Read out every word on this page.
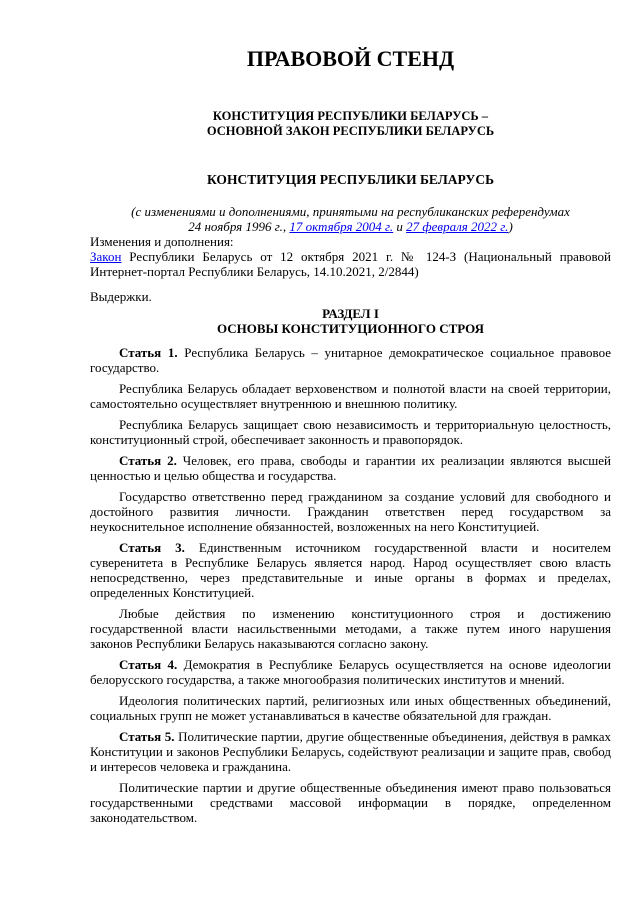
ПРАВОВОЙ СТЕНД
КОНСТИТУЦИЯ РЕСПУБЛИКИ БЕЛАРУСЬ –
ОСНОВНОЙ ЗАКОН РЕСПУБЛИКИ БЕЛАРУСЬ
КОНСТИТУЦИЯ РЕСПУБЛИКИ БЕЛАРУСЬ
(с изменениями и дополнениями, принятыми на республиканских референдумах
24 ноября 1996 г., 17 октября 2004 г. и 27 февраля 2022 г.)

Изменения и дополнения:

Закон Республики Беларусь от 12 октября 2021 г. № 124-З (Национальный правовой Интернет-портал Республики Беларусь, 14.10.2021, 2/2844)

Выдержки.

РАЗДЕЛ I
ОСНОВЫ КОНСТИТУЦИОННОГО СТРОЯ

Статья 1. Республика Беларусь – унитарное демократическое социальное правовое государство.

Республика Беларусь обладает верховенством и полнотой власти на своей территории, самостоятельно осуществляет внутреннюю и внешнюю политику.

Республика Беларусь защищает свою независимость и территориальную целостность, конституционный строй, обеспечивает законность и правопорядок.

Статья 2. Человек, его права, свободы и гарантии их реализации являются высшей ценностью и целью общества и государства.

Государство ответственно перед гражданином за создание условий для свободного и достойного развития личности. Гражданин ответствен перед государством за неукоснительное исполнение обязанностей, возложенных на него Конституцией.

Статья 3. Единственным источником государственной власти и носителем суверенитета в Республике Беларусь является народ. Народ осуществляет свою власть непосредственно, через представительные и иные органы в формах и пределах, определенных Конституцией.

Любые действия по изменению конституционного строя и достижению государственной власти насильственными методами, а также путем иного нарушения законов Республики Беларусь наказываются согласно закону.

Статья 4. Демократия в Республике Беларусь осуществляется на основе идеологии белорусского государства, а также многообразия политических институтов и мнений.

Идеология политических партий, религиозных или иных общественных объединений, социальных групп не может устанавливаться в качестве обязательной для граждан.

Статья 5. Политические партии, другие общественные объединения, действуя в рамках Конституции и законов Республики Беларусь, содействуют реализации и защите прав, свобод и интересов человека и гражданина.

Политические партии и другие общественные объединения имеют право пользоваться государственными средствами массовой информации в порядке, определенном законодательством.
